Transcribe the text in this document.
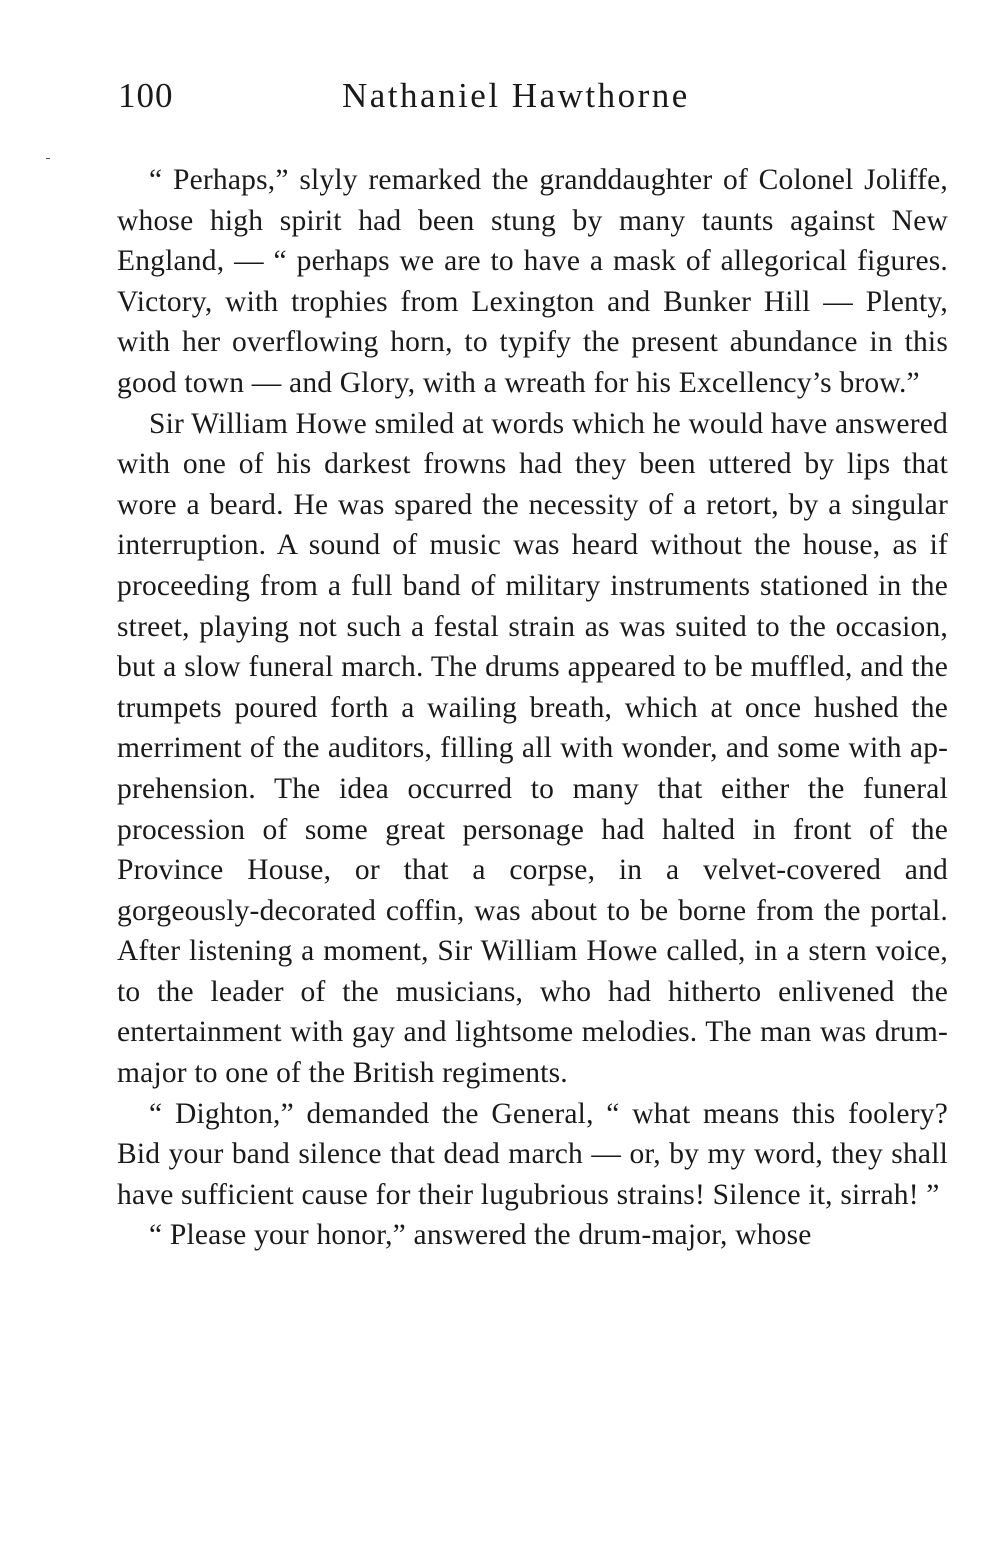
100	Nathaniel Hawthorne

“ Perhaps,” slyly remarked the granddaughter of Colonel Joliffe, whose high spirit had been stung by many taunts against New England, — “ perhaps we are to have a mask of allegorical figures. Victory, with trophies from Lexington and Bunker Hill — Plenty, with her overflowing horn, to typify the present abundance in this good town — and Glory, with a wreath for his Excellency’s brow.”

Sir William Howe smiled at words which he would have answered with one of his darkest frowns had they been uttered by lips that wore a beard. He was spared the necessity of a retort, by a singular interruption. A sound of music was heard without the house, as if proceeding from a full band of military instruments stationed in the street, playing not such a festal strain as was suited to the occasion, but a slow funeral march. The drums appeared to be muffled, and the trumpets poured forth a wailing breath, which at once hushed the merriment of the auditors, filling all with wonder, and some with apprehension. The idea occurred to many that either the funeral procession of some great personage had halted in front of the Province House, or that a corpse, in a velvet-covered and gorgeously-decorated coffin, was about to be borne from the portal. After listening a moment, Sir William Howe called, in a stern voice, to the leader of the musicians, who had hitherto enlivened the entertainment with gay and lightsome melodies. The man was drum-major to one of the British regiments.

“ Dighton,” demanded the General, “ what means this foolery? Bid your band silence that dead march — or, by my word, they shall have sufficient cause for their lugubrious strains! Silence it, sirrah! ”

“ Please your honor,” answered the drum-major, whose
